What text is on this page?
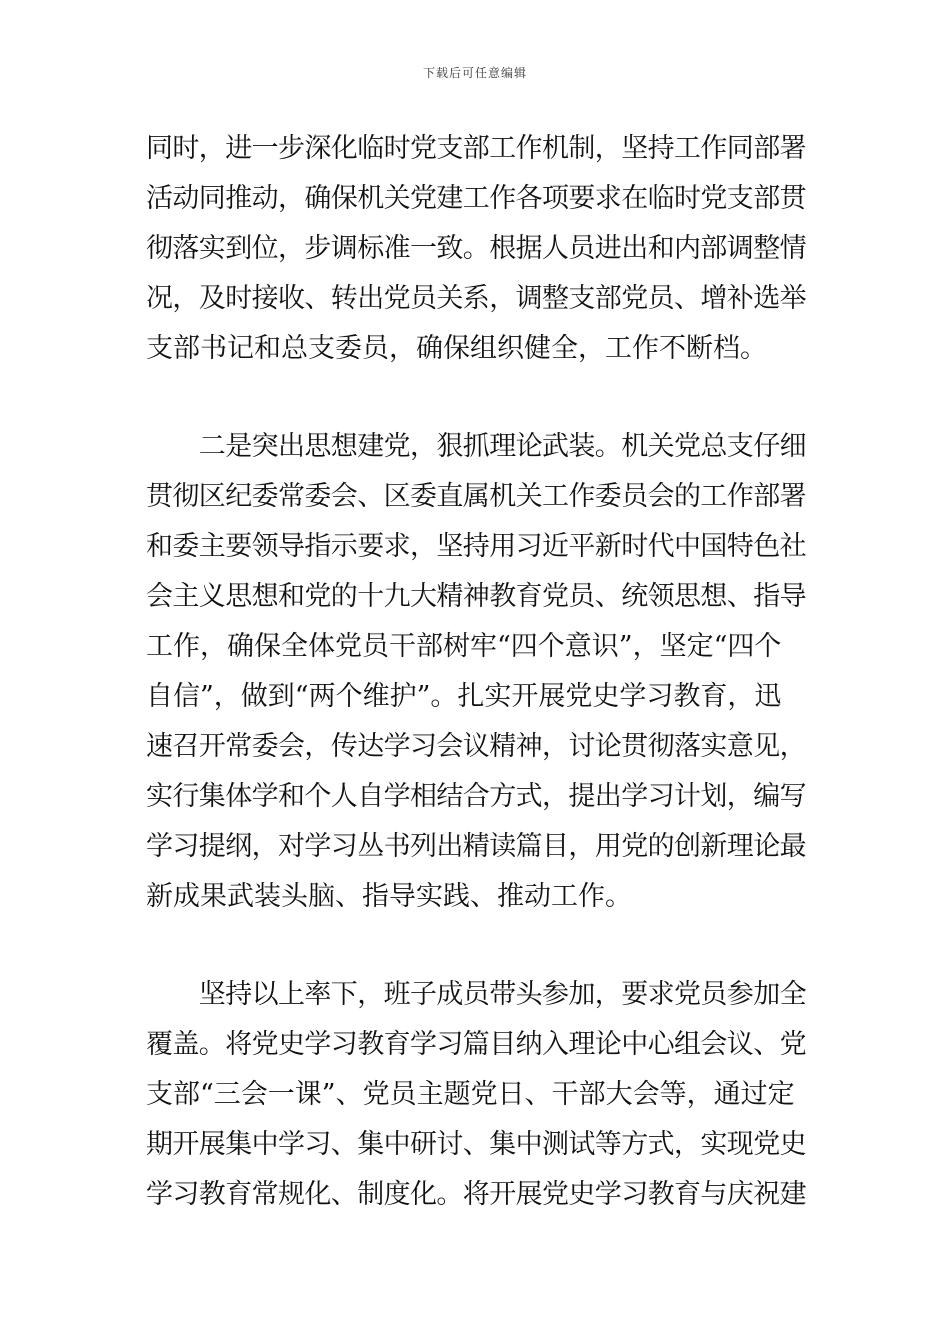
下载后可任意编辑
同时，进一步深化临时党支部工作机制，坚持工作同部署
活动同推动，确保机关党建工作各项要求在临时党支部贯
彻落实到位，步调标准一致。根据人员进出和内部调整情
况，及时接收、转出党员关系，调整支部党员、增补选举
支部书记和总支委员，确保组织健全，工作不断档。
　　二是突出思想建党，狠抓理论武装。机关党总支仔细
贯彻区纪委常委会、区委直属机关工作委员会的工作部署
和委主要领导指示要求，坚持用习近平新时代中国特色社
会主义思想和党的十九大精神教育党员、统领思想、指导
工作，确保全体党员干部树牢“四个意识”，坚定“四个
自信”，做到“两个维护”。扎实开展党史学习教育，迅
速召开常委会，传达学习会议精神，讨论贯彻落实意见，
实行集体学和个人自学相结合方式，提出学习计划，编写
学习提纲，对学习丛书列出精读篇目，用党的创新理论最
新成果武装头脑、指导实践、推动工作。
　　坚持以上率下，班子成员带头参加，要求党员参加全
覆盖。将党史学习教育学习篇目纳入理论中心组会议、党
支部“三会一课”、党员主题党日、干部大会等，通过定
期开展集中学习、集中研讨、集中测试等方式，实现党史
学习教育常规化、制度化。将开展党史学习教育与庆祝建
